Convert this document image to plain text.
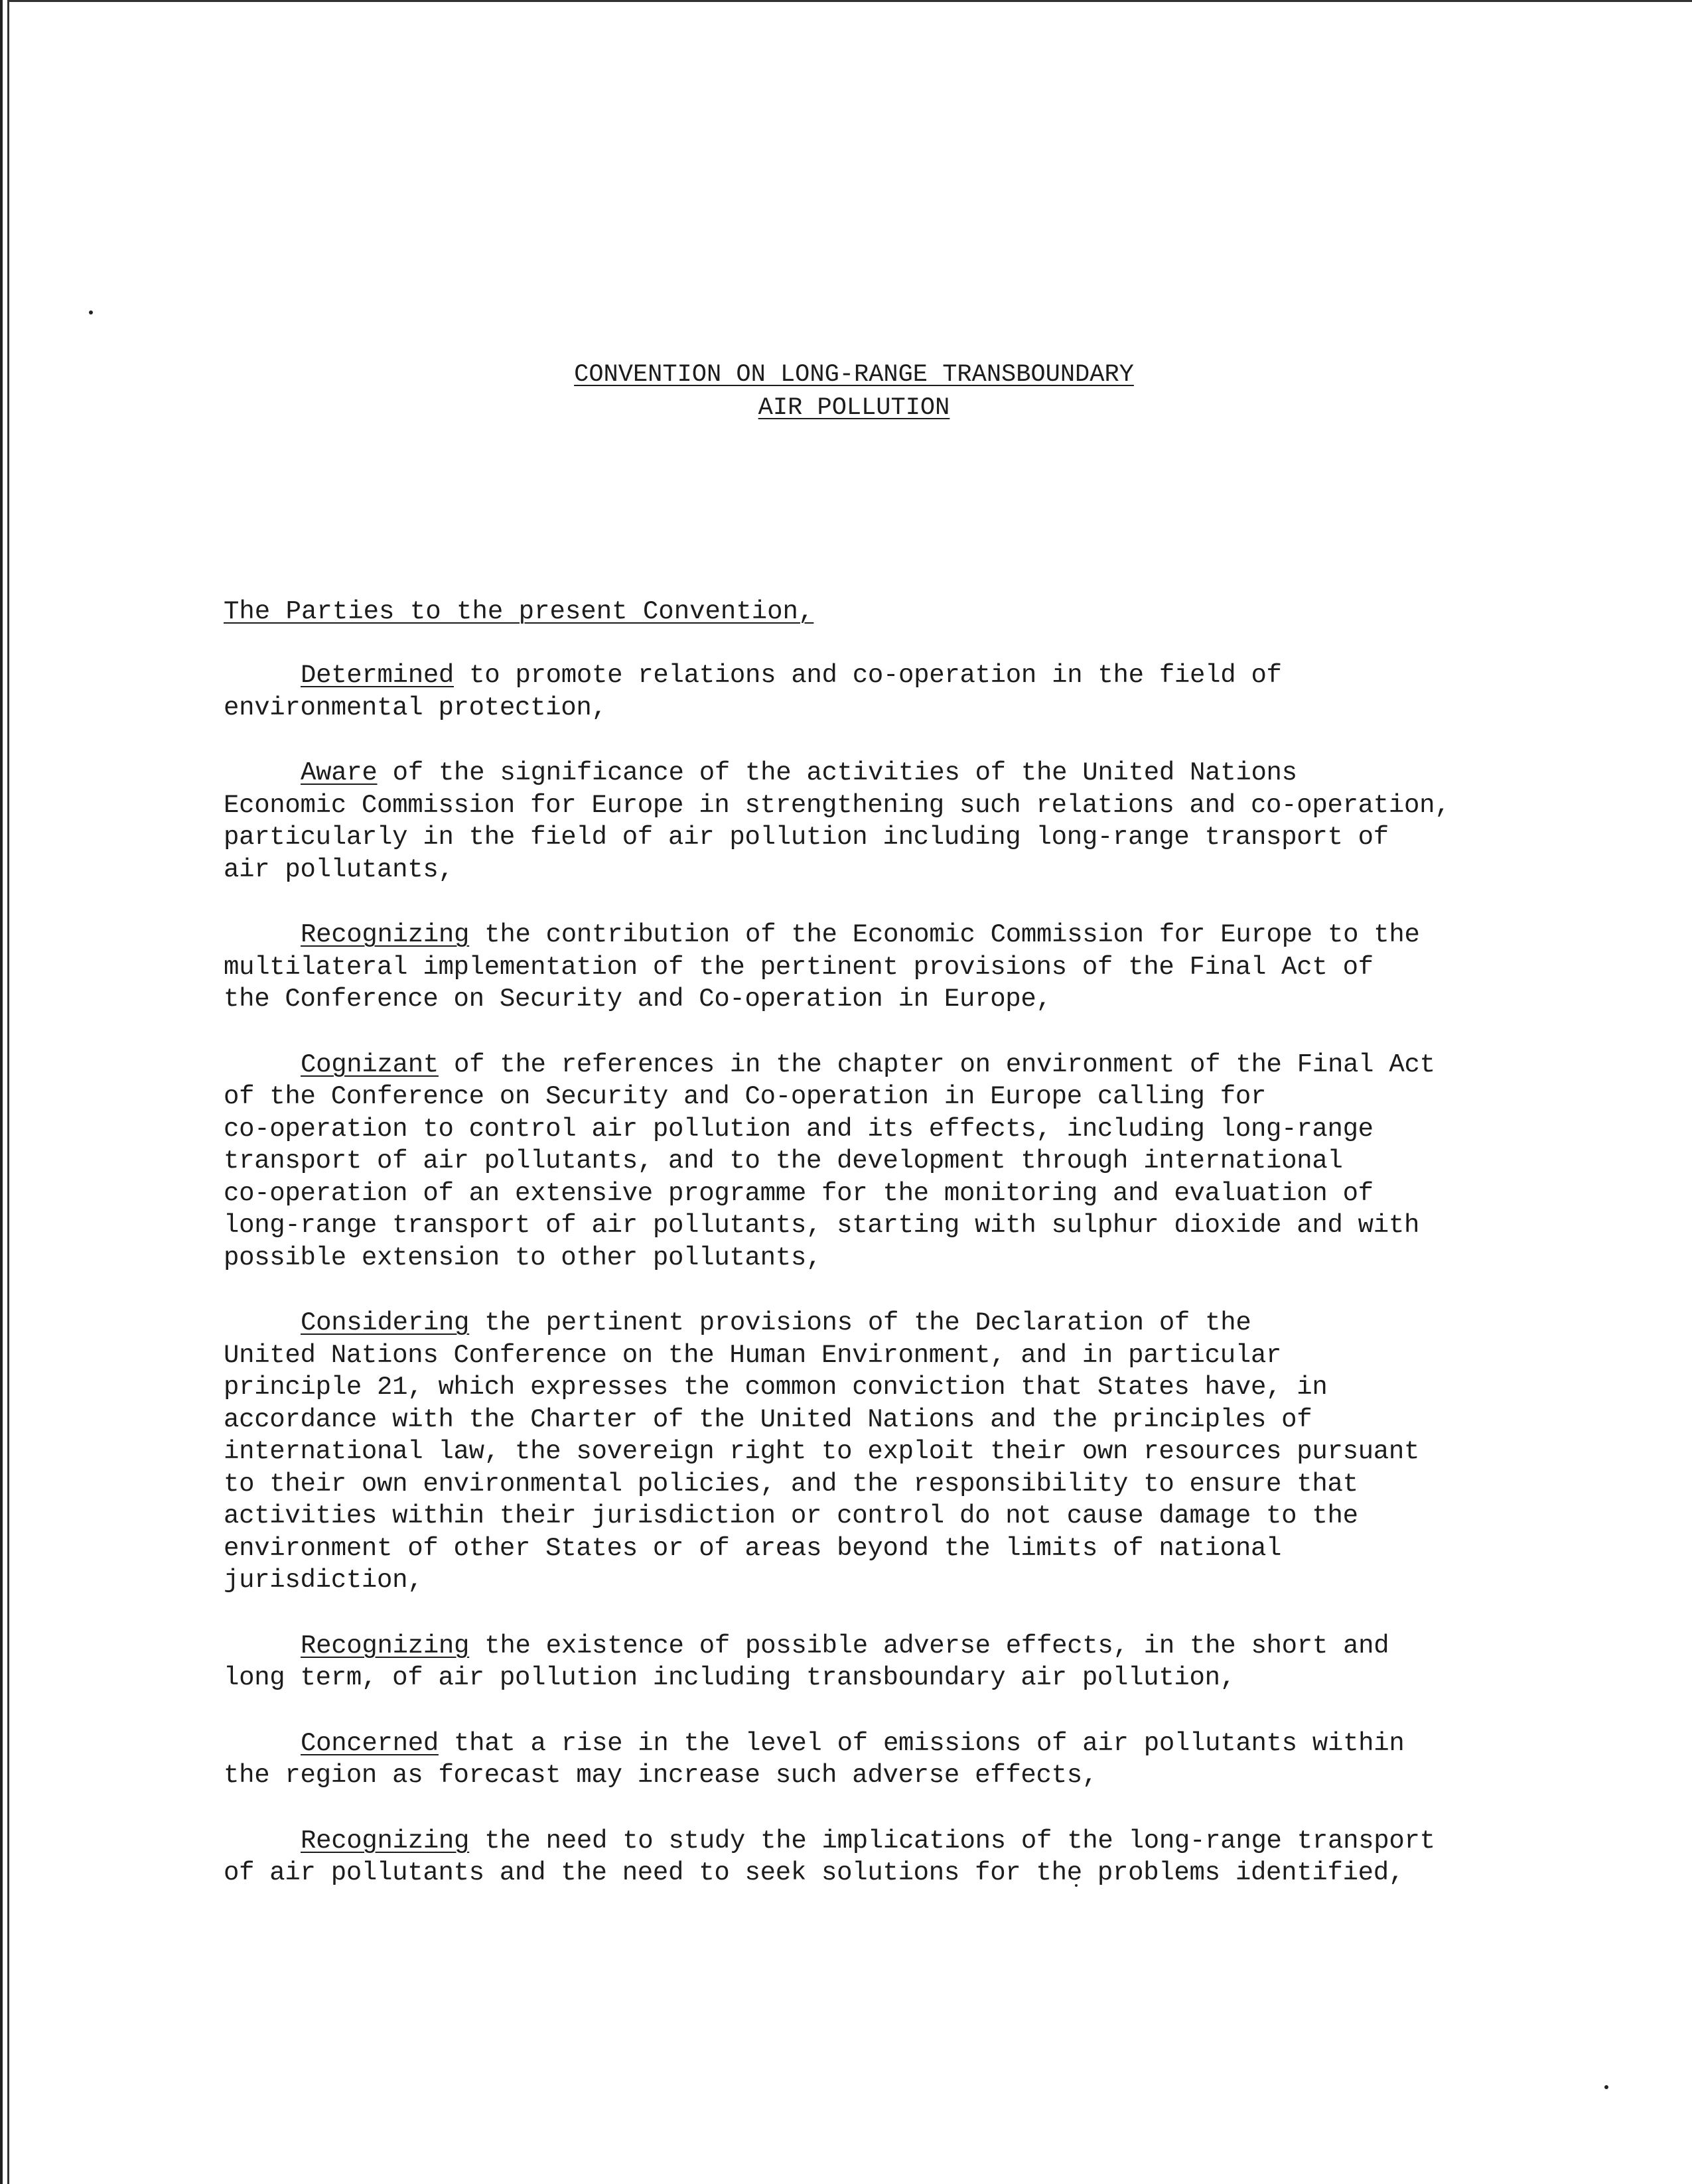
CONVENTION ON LONG-RANGE TRANSBOUNDARY
AIR POLLUTION
The Parties to the present Convention,

Determined to promote relations and co-operation in the field of
environmental protection,

Aware of the significance of the activities of the United Nations
Economic Commission for Europe in strengthening such relations and co-operation,
particularly in the field of air pollution including long-range transport of
air pollutants,

Recognizing the contribution of the Economic Commission for Europe to the
multilateral implementation of the pertinent provisions of the Final Act of
the Conference on Security and Co-operation in Europe,

Cognizant of the references in the chapter on environment of the Final Act
of the Conference on Security and Co-operation in Europe calling for
co-operation to control air pollution and its effects, including long-range
transport of air pollutants, and to the development through international
co-operation of an extensive programme for the monitoring and evaluation of
long-range transport of air pollutants, starting with sulphur dioxide and with
possible extension to other pollutants,

Considering the pertinent provisions of the Declaration of the
United Nations Conference on the Human Environment, and in particular
principle 21, which expresses the common conviction that States have, in
accordance with the Charter of the United Nations and the principles of
international law, the sovereign right to exploit their own resources pursuant
to their own environmental policies, and the responsibility to ensure that
activities within their jurisdiction or control do not cause damage to the
environment of other States or of areas beyond the limits of national
jurisdiction,

Recognizing the existence of possible adverse effects, in the short and
long term, of air pollution including transboundary air pollution,

Concerned that a rise in the level of emissions of air pollutants within
the region as forecast may increase such adverse effects,

Recognizing the need to study the implications of the long-range transport
of air pollutants and the need to seek solutions for the problems identified,
